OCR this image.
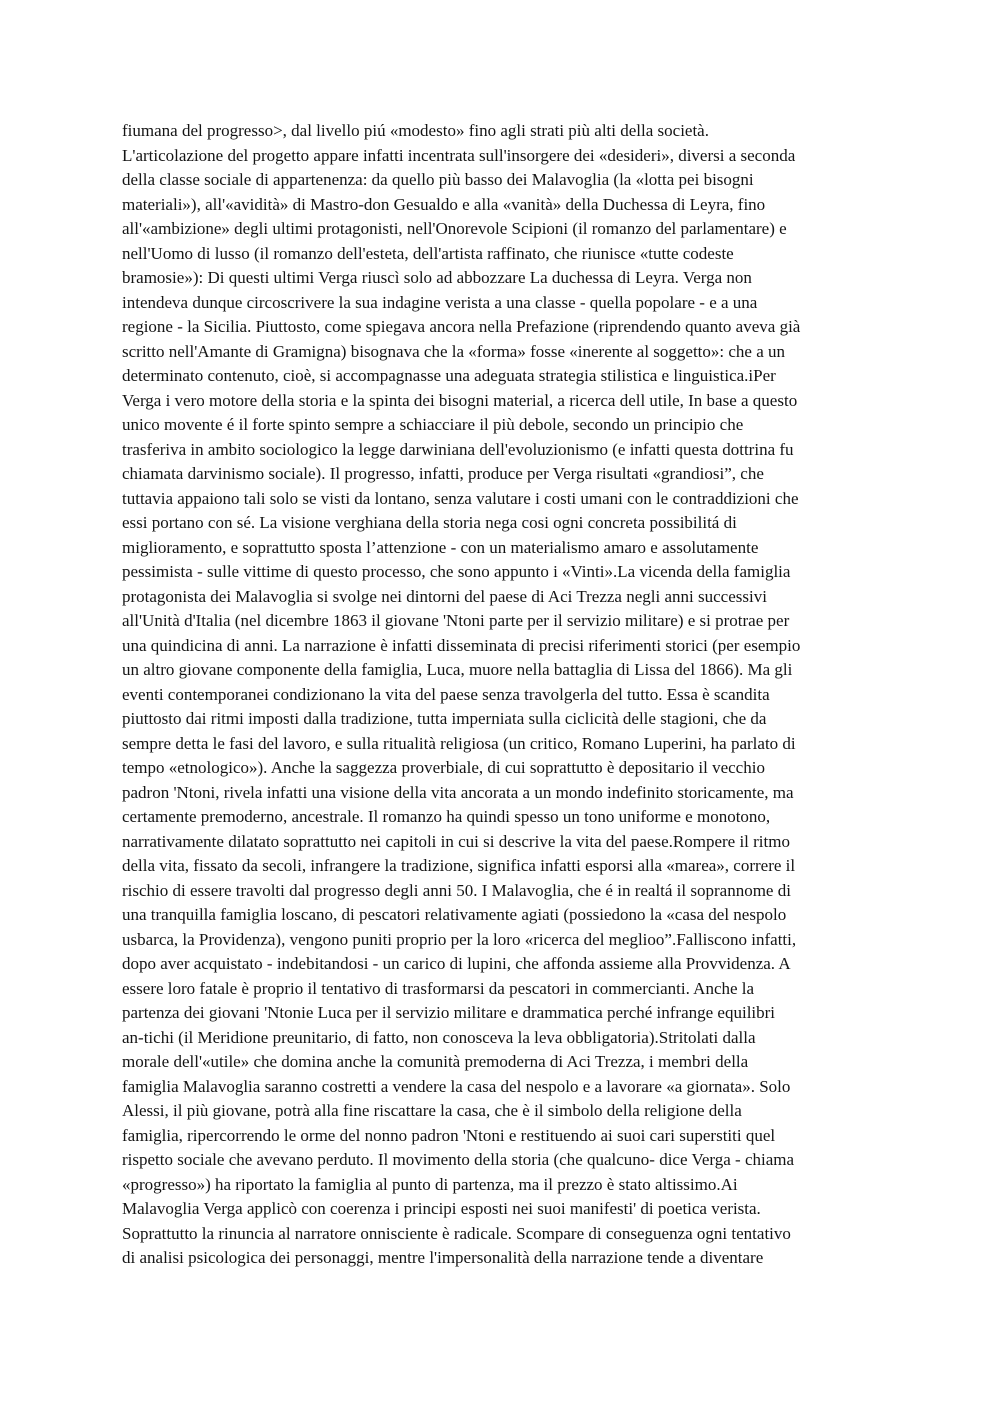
fiumana del progresso>, dal livello piú «modesto» fino agli strati più alti della società.

L'articolazione del progetto appare infatti incentrata sull'insorgere dei «desideri», diversi a seconda

della classe sociale di appartenenza: da quello più basso dei Malavoglia (la «lotta pei bisogni

materiali»), all'«avidità» di Mastro-don Gesualdo e alla «vanità» della Duchessa di Leyra, fino

all'«ambizione» degli ultimi protagonisti, nell'Onorevole Scipioni (il romanzo del parlamentare) e

nell'Uomo di lusso (il romanzo dell'esteta, dell'artista raffinato, che riunisce «tutte codeste

bramosie»): Di questi ultimi Verga riuscì solo ad abbozzare La duchessa di Leyra. Verga non

intendeva dunque circoscrivere la sua indagine verista a una classe - quella popolare - e a una

regione - la Sicilia. Piuttosto, come spiegava ancora nella Prefazione (riprendendo quanto aveva già

scritto nell'Amante di Gramigna) bisognava che la «forma» fosse «inerente al soggetto»: che a un

determinato contenuto, cioè, si accompagnasse una adeguata strategia stilistica e linguistica.iPer

Verga i vero motore della storia e la spinta dei bisogni material, a ricerca dell utile, In base a questo

unico movente é il forte spinto sempre a schiacciare il più debole, secondo un principio che

trasferiva in ambito sociologico la legge darwiniana dell'evoluzionismo (e infatti questa dottrina fu

chiamata darvinismo sociale). Il progresso, infatti, produce per Verga risultati «grandiosi”, che

tuttavia appaiono tali solo se visti da lontano, senza valutare i costi umani con le contraddizioni che

essi portano con sé. La visione verghiana della storia nega cosi ogni concreta possibilitá di

miglioramento, e soprattutto sposta l’attenzione - con un materialismo amaro e assolutamente

pessimista - sulle vittime di questo processo, che sono appunto i «Vinti».La vicenda della famiglia

protagonista dei Malavoglia si svolge nei dintorni del paese di Aci Trezza negli anni successivi

all'Unità d'Italia (nel dicembre 1863 il giovane 'Ntoni parte per il servizio militare) e si protrae per

una quindicina di anni. La narrazione è infatti disseminata di precisi riferimenti storici (per esempio

un altro giovane componente della famiglia, Luca, muore nella battaglia di Lissa del 1866). Ma gli

eventi contemporanei condizionano la vita del paese senza travolgerla del tutto. Essa è scandita

piuttosto dai ritmi imposti dalla tradizione, tutta imperniata sulla ciclicità delle stagioni, che da

sempre detta le fasi del lavoro, e sulla ritualità religiosa (un critico, Romano Luperini, ha parlato di

tempo «etnologico»). Anche la saggezza proverbiale, di cui soprattutto è depositario il vecchio

padron 'Ntoni, rivela infatti una visione della vita ancorata a un mondo indefinito storicamente, ma

certamente premoderno, ancestrale. Il romanzo ha quindi spesso un tono uniforme e monotono,

narrativamente dilatato soprattutto nei capitoli in cui si descrive la vita del paese.Rompere il ritmo

della vita, fissato da secoli, infrangere la tradizione, significa infatti esporsi alla «marea», correre il

rischio di essere travolti dal progresso degli anni 50. I Malavoglia, che é in realtá il soprannome di

una tranquilla famiglia loscano, di pescatori relativamente agiati (possiedono la «casa del nespolo

usbarca, la Providenza), vengono puniti proprio per la loro «ricerca del meglioo”.Falliscono infatti,

dopo aver acquistato - indebitandosi - un carico di lupini, che affonda assieme alla Provvidenza. A

essere loro fatale è proprio il tentativo di trasformarsi da pescatori in commercianti. Anche la

partenza dei giovani 'Ntonie Luca per il servizio militare e drammatica perché infrange equilibri

an-tichi (il Meridione preunitario, di fatto, non conosceva la leva obbligatoria).Stritolati dalla

morale dell'«utile» che domina anche la comunità premoderna di Aci Trezza, i membri della

famiglia Malavoglia saranno costretti a vendere la casa del nespolo e a lavorare «a giornata». Solo

Alessi, il più giovane, potrà alla fine riscattare la casa, che è il simbolo della religione della

famiglia, ripercorrendo le orme del nonno padron 'Ntoni e restituendo ai suoi cari superstiti quel

rispetto sociale che avevano perduto. Il movimento della storia (che qualcuno- dice Verga - chiama

«progresso») ha riportato la famiglia al punto di partenza, ma il prezzo è stato altissimo.Ai

Malavoglia Verga applicò con coerenza i principi esposti nei suoi manifesti' di poetica verista.

Soprattutto la rinuncia al narratore onnisciente è radicale. Scompare di conseguenza ogni tentativo

di analisi psicologica dei personaggi, mentre l'impersonalità della narrazione tende a diventare
